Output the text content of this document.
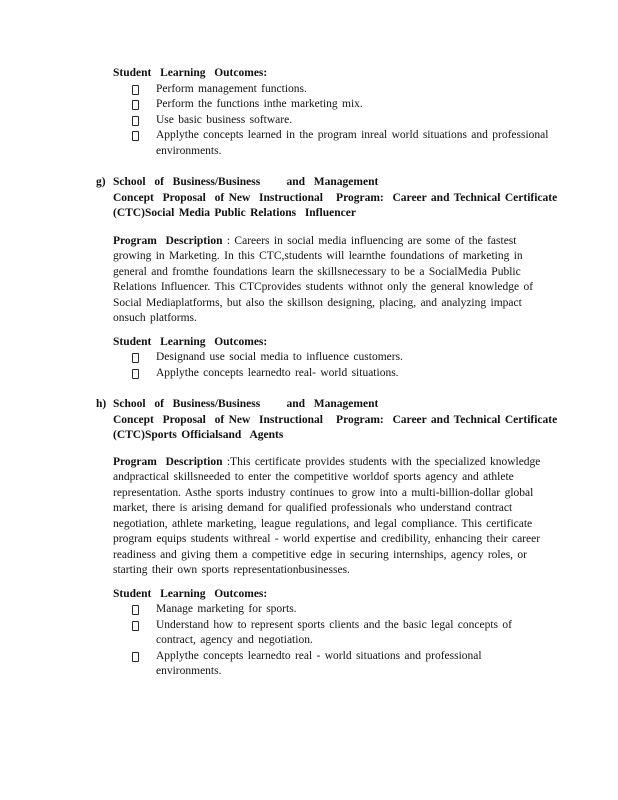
Student  Learning  Outcomes:
Perform management functions.
Perform the functions inthe marketing mix.
Use basic business software.
Applythe concepts learned in the program inreal world situations and professional environments.
g) School  of  Business/Business      and  Management
Concept  Proposal  of New  Instructional   Program:  Career and Technical Certificate
(CTC)Social Media Public Relations  Influencer

Program  Description : Careers in social media influencing are some of the fastest growing in Marketing. In this CTC,students will learnthe foundations of marketing in general and fromthe foundations learn the skillsnecessary to be a SocialMedia Public Relations Influencer. This CTCprovides students withnot only the general knowledge of Social Mediaplatforms, but also the skillson designing, placing, and analyzing impact onsuch platforms.

Student  Learning  Outcomes:
Designand use social media to influence customers.
Applythe concepts learnedto real- world situations.
h) School  of  Business/Business      and  Management
Concept  Proposal  of New  Instructional   Program:  Career and Technical Certificate
(CTC)Sports Officialsand  Agents

Program  Description :This certificate provides students with the specialized knowledge andpractical skillsneeded to enter the competitive worldof sports agency and athlete representation. Asthe sports industry continues to grow into a multi-billion-dollar global market, there is arising demand for qualified professionals who understand contract negotiation, athlete marketing, league regulations, and legal compliance. This certificate program equips students withreal - world expertise and credibility, enhancing their career readiness and giving them a competitive edge in securing internships, agency roles, or starting their own sports representationbusinesses.

Student  Learning  Outcomes:
Manage marketing for sports.
Understand how to represent sports clients and the basic legal concepts of contract, agency and negotiation.
Applythe concepts learnedto real - world situations and professional environments.
